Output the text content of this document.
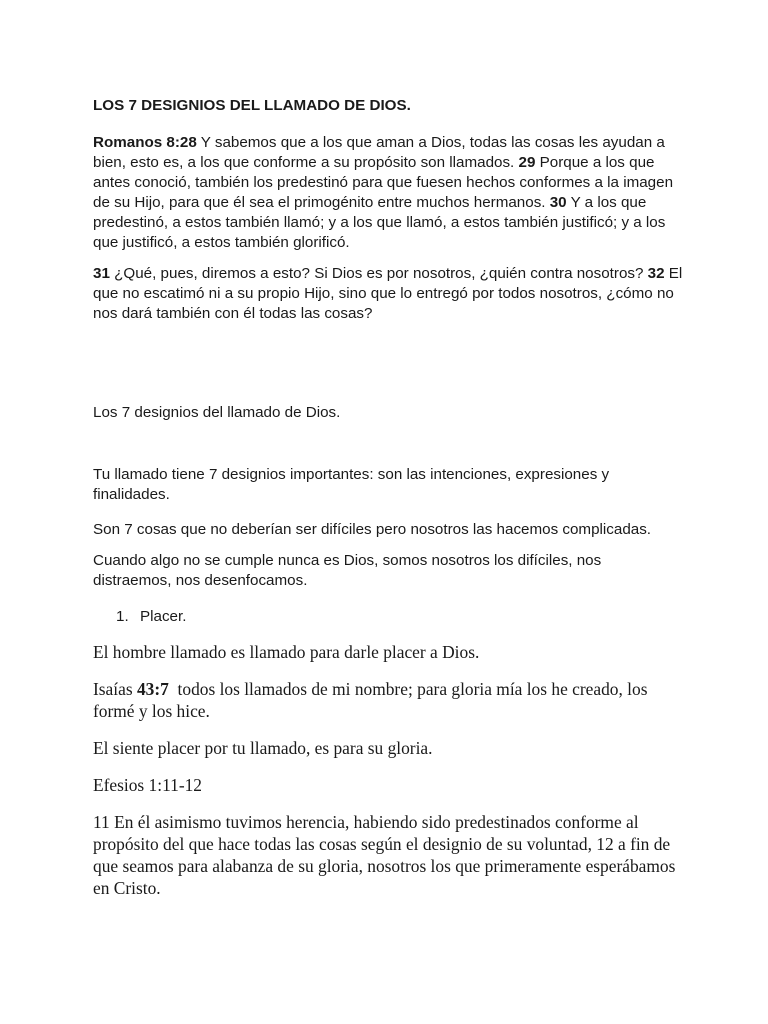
LOS 7 DESIGNIOS DEL LLAMADO DE DIOS.

Romanos 8:28 Y sabemos que a los que aman a Dios, todas las cosas les ayudan a bien, esto es, a los que conforme a su propósito son llamados. 29 Porque a los que antes conoció, también los predestinó para que fuesen hechos conformes a la imagen de su Hijo, para que él sea el primogénito entre muchos hermanos. 30 Y a los que predestinó, a estos también llamó; y a los que llamó, a estos también justificó; y a los que justificó, a estos también glorificó.

31 ¿Qué, pues, diremos a esto? Si Dios es por nosotros, ¿quién contra nosotros? 32 El que no escatimó ni a su propio Hijo, sino que lo entregó por todos nosotros, ¿cómo no nos dará también con él todas las cosas?

Los 7 designios del llamado de Dios.

Tu llamado tiene 7 designios importantes: son las intenciones, expresiones y finalidades.

Son 7 cosas que no deberían ser difíciles pero nosotros las hacemos complicadas.

Cuando algo no se cumple nunca es Dios, somos nosotros los difíciles, nos distraemos, nos desenfocamos.

1. Placer.

El hombre llamado es llamado para darle placer a Dios.

Isaías 43:7  todos los llamados de mi nombre; para gloria mía los he creado, los formé y los hice.

El siente placer por tu llamado, es para su gloria.

Efesios 1:11-12

11 En él asimismo tuvimos herencia, habiendo sido predestinados conforme al propósito del que hace todas las cosas según el designio de su voluntad, 12 a fin de que seamos para alabanza de su gloria, nosotros los que primeramente esperábamos en Cristo.
